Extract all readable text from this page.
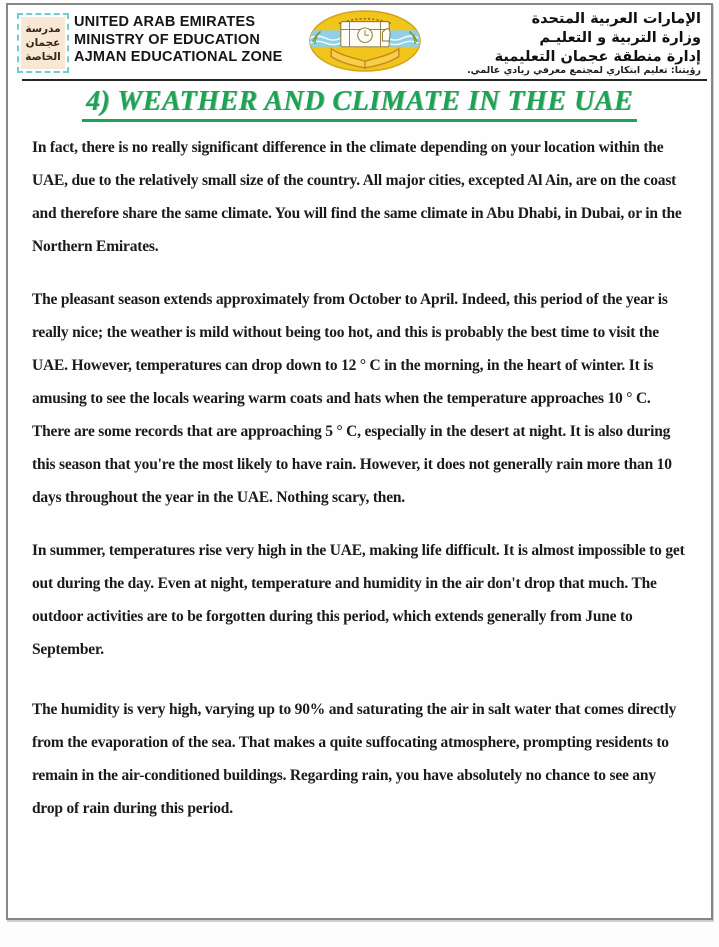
مدرسة
عجمان
الخاصة
UNITED ARAB EMIRATES
MINISTRY OF EDUCATION
AJMAN EDUCATIONAL ZONE
الإمارات العربية المتحدة
وزارة التربية و التعليـم
إدارة منطقة عجمان التعليمية
رؤيتنا: تعليم ابتكاري لمجتمع معرفي ريادي عالمي.
4) WEATHER AND CLIMATE IN THE UAE

In fact, there is no really significant difference in the climate depending on your location within the UAE, due to the relatively small size of the country. All major cities, excepted Al Ain, are on the coast and therefore share the same climate. You will find the same climate in Abu Dhabi, in Dubai, or in the Northern Emirates.

The pleasant season extends approximately from October to April. Indeed, this period of the year is really nice; the weather is mild without being too hot, and this is probably the best time to visit the UAE. However, temperatures can drop down to 12 ° C in the morning, in the heart of winter. It is amusing to see the locals wearing warm coats and hats when the temperature approaches 10 ° C. There are some records that are approaching 5 ° C, especially in the desert at night. It is also during this season that you're the most likely to have rain. However, it does not generally rain more than 10 days throughout the year in the UAE. Nothing scary, then.

In summer, temperatures rise very high in the UAE, making life difficult. It is almost impossible to get out during the day. Even at night, temperature and humidity in the air don't drop that much. The outdoor activities are to be forgotten during this period, which extends generally from June to September.

The humidity is very high, varying up to 90% and saturating the air in salt water that comes directly from the evaporation of the sea. That makes a quite suffocating atmosphere, prompting residents to remain in the air-conditioned buildings. Regarding rain, you have absolutely no chance to see any drop of rain during this period.
